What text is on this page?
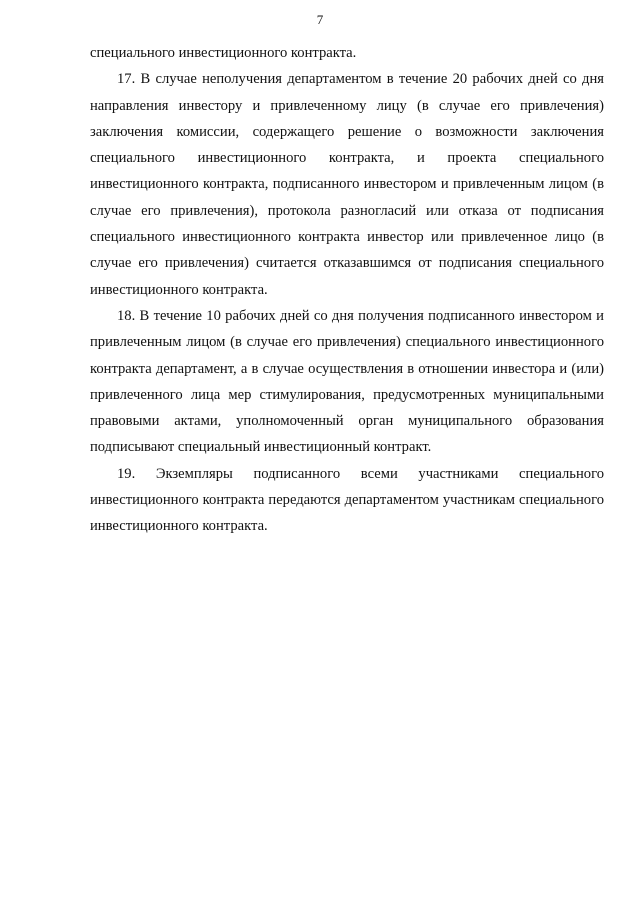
7

специального инвестиционного контракта.

17. В случае неполучения департаментом в течение 20 рабочих дней со дня направления инвестору и привлеченному лицу (в случае его привлечения) заключения комиссии, содержащего решение о возможности заключения специального инвестиционного контракта, и проекта специального инвестиционного контракта, подписанного инвестором и привлеченным лицом (в случае его привлечения), протокола разногласий или отказа от подписания специального инвестиционного контракта инвестор или привлеченное лицо (в случае его привлечения) считается отказавшимся от подписания специального инвестиционного контракта.

18. В течение 10 рабочих дней со дня получения подписанного инвестором и привлеченным лицом (в случае его привлечения) специального инвестиционного контракта департамент, а в случае осуществления в отношении инвестора и (или) привлеченного лица мер стимулирования, предусмотренных муниципальными правовыми актами, уполномоченный орган муниципального образования подписывают специальный инвестиционный контракт.

19. Экземпляры подписанного всеми участниками специального инвестиционного контракта передаются департаментом участникам специального инвестиционного контракта.
